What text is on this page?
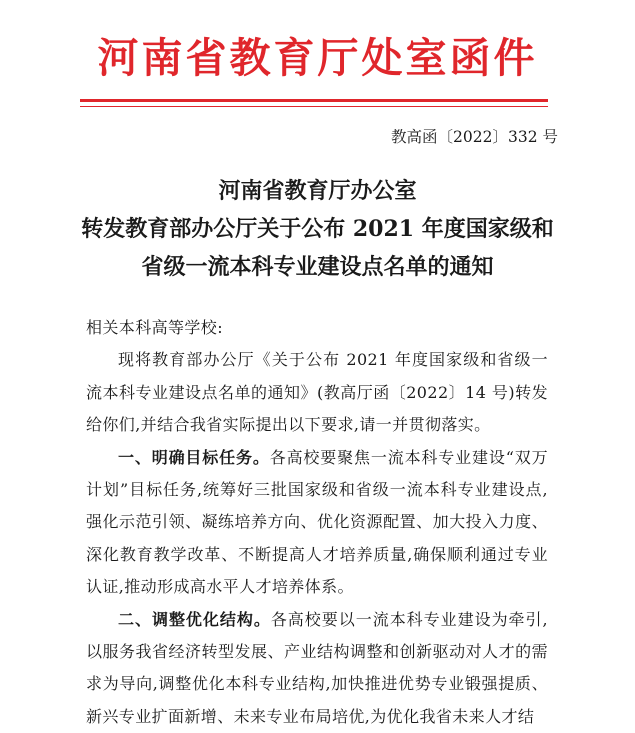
河南省教育厅处室函件
教高函〔2022〕332 号
河南省教育厅办公室
转发教育部办公厅关于公布 2021 年度国家级和
省级一流本科专业建设点名单的通知

相关本科高等学校:

现将教育部办公厅《关于公布 2021 年度国家级和省级一流本科专业建设点名单的通知》(教高厅函〔2022〕14 号)转发给你们,并结合我省实际提出以下要求,请一并贯彻落实。

一、明确目标任务。各高校要聚焦一流本科专业建设“双万计划”目标任务,统筹好三批国家级和省级一流本科专业建设点,强化示范引领、凝练培养方向、优化资源配置、加大投入力度、深化教育教学改革、不断提高人才培养质量,确保顺利通过专业认证,推动形成高水平人才培养体系。

二、调整优化结构。各高校要以一流本科专业建设为牵引,以服务我省经济转型发展、产业结构调整和创新驱动对人才的需求为导向,调整优化本科专业结构,加快推进优势专业锻强提质、新兴专业扩面新增、未来专业布局培优,为优化我省未来人才结
